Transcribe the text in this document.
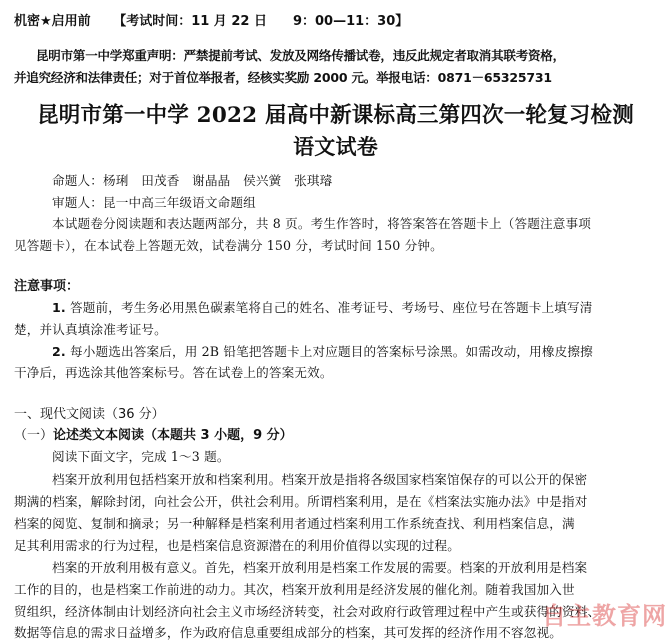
机密★启用前 【考试时间：11 月 22 日　　9：00—11：30】
昆明市第一中学郑重声明：严禁提前考试、发放及网络传播试卷，违反此规定者取消其联考资格，
并追究经济和法律责任；对于首位举报者，经核实奖励 2000 元。举报电话：0871－65325731
昆明市第一中学 2022 届高中新课标高三第四次一轮复习检测
语文试卷
命题人：杨琍　田茂香　谢晶晶　侯兴黉　张琪璿
审题人：昆一中高三年级语文命题组
本试题卷分阅读题和表达题两部分，共 8 页。考生作答时，将答案答在答题卡上（答题注意事项
见答题卡），在本试卷上答题无效，试卷满分 150 分，考试时间 150 分钟。
注意事项：
1. 答题前，考生务必用黑色碳素笔将自己的姓名、准考证号、考场号、座位号在答题卡上填写清
楚，并认真填涂准考证号。
2. 每小题选出答案后，用 2B 铅笔把答题卡上对应题目的答案标号涂黑。如需改动，用橡皮擦擦
干净后，再选涂其他答案标号。答在试卷上的答案无效。
一、现代文阅读（36 分）
（一）论述类文本阅读（本题共 3 小题，9 分）
阅读下面文字，完成 1～3 题。
档案开放利用包括档案开放和档案利用。档案开放是指将各级国家档案馆保存的可以公开的保密
期满的档案，解除封闭，向社会公开，供社会利用。所谓档案利用，是在《档案法实施办法》中是指对
档案的阅览、复制和摘录；另一种解释是档案利用者通过档案利用工作系统查找、利用档案信息，满
足其利用需求的行为过程，也是档案信息资源潜在的利用价值得以实现的过程。
档案的开放利用极有意义。首先，档案开放利用是档案工作发展的需要。档案的开放利用是档案
工作的目的，也是档案工作前进的动力。其次，档案开放利用是经济发展的催化剂。随着我国加入世
贸组织，经济体制由计划经济向社会主义市场经济转变，社会对政府行政管理过程中产生或获得的资料、
数据等信息的需求日益增多，作为政府信息重要组成部分的档案，其可发挥的经济作用不容忽视。
自主教育网
